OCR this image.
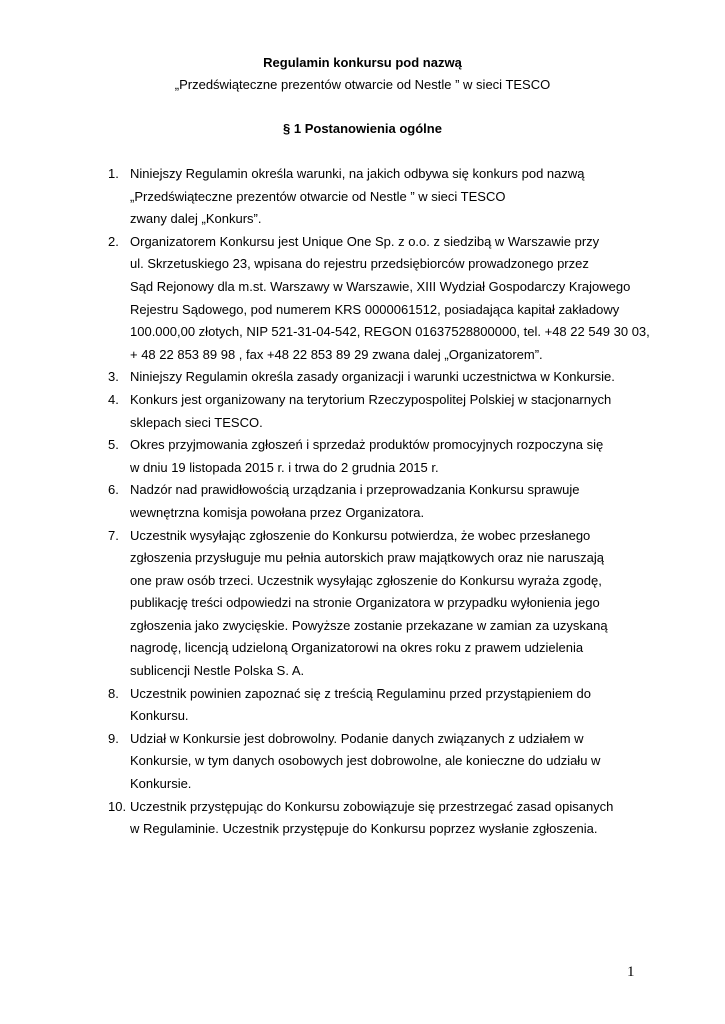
Regulamin konkursu pod nazwą

„Przedświąteczne prezentów otwarcie od Nestle ” w sieci TESCO

§ 1 Postanowienia ogólne

1. Niniejszy Regulamin określa warunki, na jakich odbywa się konkurs pod nazwą
„Przedświąteczne prezentów otwarcie od Nestle ” w sieci TESCO
zwany dalej „Konkurs”.
2. Organizatorem Konkursu jest Unique One Sp. z o.o. z siedzibą w Warszawie przy
ul. Skrzetuskiego 23, wpisana do rejestru przedsiębiorców prowadzonego przez
Sąd Rejonowy dla m.st. Warszawy w Warszawie, XIII Wydział Gospodarczy Krajowego
Rejestru Sądowego, pod numerem KRS 0000061512, posiadająca kapitał zakładowy
100.000,00 złotych, NIP 521-31-04-542, REGON 01637528800000, tel. +48 22 549 30 03,
+ 48 22 853 89 98 , fax +48 22 853 89 29 zwana dalej „Organizatorem”.
3. Niniejszy Regulamin określa zasady organizacji i warunki uczestnictwa w Konkursie.
4. Konkurs jest organizowany na terytorium Rzeczypospolitej Polskiej w stacjonarnych
sklepach sieci TESCO.
5. Okres przyjmowania zgłoszeń i sprzedaż produktów promocyjnych rozpoczyna się
w dniu 19 listopada 2015 r. i trwa do 2 grudnia 2015 r.
6. Nadzór nad prawidłowością urządzania i przeprowadzania Konkursu sprawuje
wewnętrzna komisja powołana przez Organizatora.
7. Uczestnik wysyłając zgłoszenie do Konkursu potwierdza, że wobec przesłanego
zgłoszenia przysługuje mu pełnia autorskich praw majątkowych oraz nie naruszają
one praw osób trzeci. Uczestnik wysyłając zgłoszenie do Konkursu wyraża zgodę,
publikację treści odpowiedzi na stronie Organizatora w przypadku wyłonienia jego
zgłoszenia jako zwycięskie. Powyższe zostanie przekazane w zamian za uzyskaną
nagrodę, licencją udzieloną Organizatorowi na okres roku z prawem udzielenia
sublicencji Nestle Polska S. A.
8. Uczestnik powinien zapoznać się z treścią Regulaminu przed przystąpieniem do
Konkursu.
9. Udział w Konkursie jest dobrowolny. Podanie danych związanych z udziałem w
Konkursie, w tym danych osobowych jest dobrowolne, ale konieczne do udziału w
Konkursie.
10. Uczestnik przystępując do Konkursu zobowiązuje się przestrzegać zasad opisanych
w Regulaminie. Uczestnik przystępuje do Konkursu poprzez wysłanie zgłoszenia.
1
